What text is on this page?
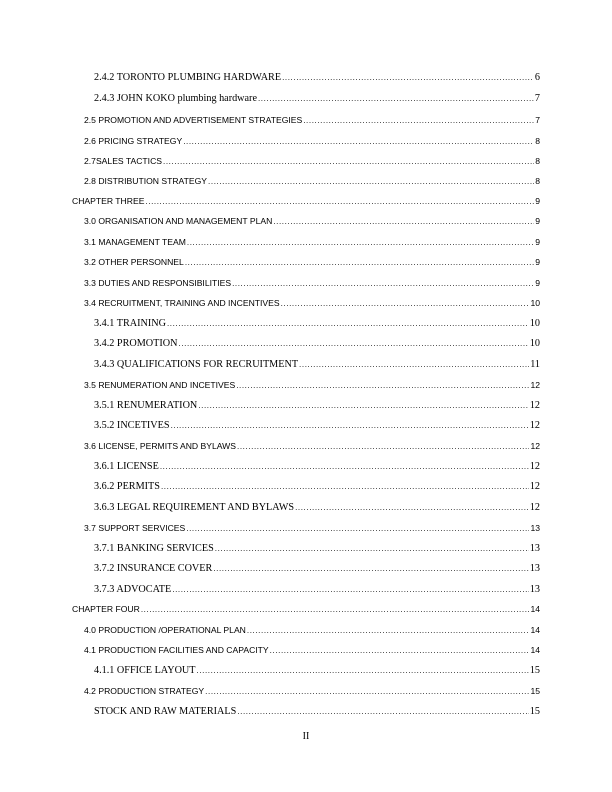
2.4.2 TORONTO PLUMBING HARDWARE .....	6
2.4.3 JOHN KOKO plumbing hardware .....	7
2.5 PROMOTION AND ADVERTISEMENT STRATEGIES .....	7
2.6 PRICING STRATEGY .....	8
2.7SALES TACTICS .....	8
2.8 DISTRIBUTION STRATEGY .....	8
CHAPTER THREE .....	9
3.0 ORGANISATION AND MANAGEMENT PLAN .....	9
3.1 MANAGEMENT TEAM .....	9
3.2 OTHER PERSONNEL .....	9
3.3 DUTIES AND RESPONSIBILITIES .....	9
3.4 RECRUITMENT, TRAINING AND INCENTIVES .....	10
3.4.1 TRAINING .....	10
3.4.2 PROMOTION .....	10
3.4.3 QUALIFICATIONS FOR RECRUITMENT .....	11
3.5 RENUMERATION AND INCETIVES .....	12
3.5.1 RENUMERATION .....	12
3.5.2 INCETIVES .....	12
3.6 LICENSE, PERMITS AND BYLAWS .....	12
3.6.1 LICENSE .....	12
3.6.2 PERMITS .....	12
3.6.3 LEGAL REQUIREMENT AND BYLAWS .....	12
3.7 SUPPORT SERVICES .....	13
3.7.1 BANKING SERVICES .....	13
3.7.2 INSURANCE COVER .....	13
3.7.3 ADVOCATE .....	13
CHAPTER FOUR .....	14
4.0 PRODUCTION /OPERATIONAL PLAN .....	14
4.1 PRODUCTION FACILITIES AND CAPACITY .....	14
4.1.1 OFFICE LAYOUT .....	15
4.2 PRODUCTION STRATEGY .....	15
STOCK AND RAW MATERIALS .....	15
II
